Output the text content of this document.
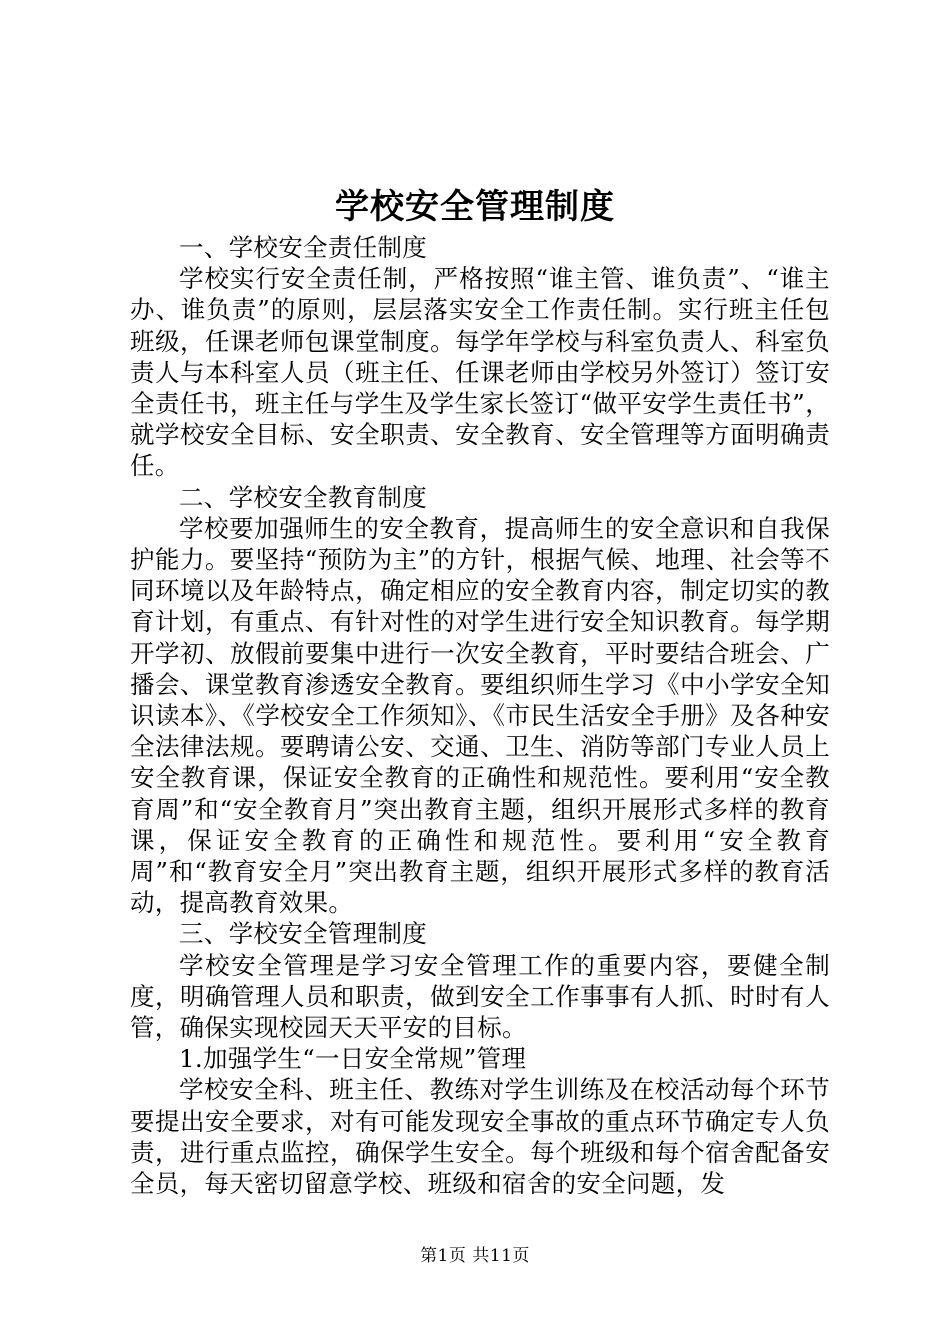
学校安全管理制度
一、学校安全责任制度

学校实行安全责任制，严格按照“谁主管、谁负责”、“谁主办、谁负责”的原则，层层落实安全工作责任制。实行班主任包班级，任课老师包课堂制度。每学年学校与科室负责人、科室负责人与本科室人员（班主任、任课老师由学校另外签订）签订安全责任书，班主任与学生及学生家长签订“做平安学生责任书”，就学校安全目标、安全职责、安全教育、安全管理等方面明确责任。

二、学校安全教育制度

学校要加强师生的安全教育，提高师生的安全意识和自我保护能力。要坚持“预防为主”的方针，根据气候、地理、社会等不同环境以及年龄特点，确定相应的安全教育内容，制定切实的教育计划，有重点、有针对性的对学生进行安全知识教育。每学期开学初、放假前要集中进行一次安全教育，平时要结合班会、广播会、课堂教育渗透安全教育。要组织师生学习《中小学安全知识读本》、《学校安全工作须知》、《市民生活安全手册》及各种安全法律法规。要聘请公安、交通、卫生、消防等部门专业人员上安全教育课，保证安全教育的正确性和规范性。要利用“安全教育周”和“安全教育月”突出教育主题，组织开展形式多样的教育课，保证安全教育的正确性和规范性。要利用“安全教育周”和“教育安全月”突出教育主题，组织开展形式多样的教育活动，提高教育效果。

三、学校安全管理制度

学校安全管理是学习安全管理工作的重要内容，要健全制度，明确管理人员和职责，做到安全工作事事有人抓、时时有人管，确保实现校园天天平安的目标。

1.加强学生“一日安全常规”管理

学校安全科、班主任、教练对学生训练及在校活动每个环节要提出安全要求，对有可能发现安全事故的重点环节确定专人负责，进行重点监控，确保学生安全。每个班级和每个宿舍配备安全员，每天密切留意学校、班级和宿舍的安全问题，发

第1页 共11页
